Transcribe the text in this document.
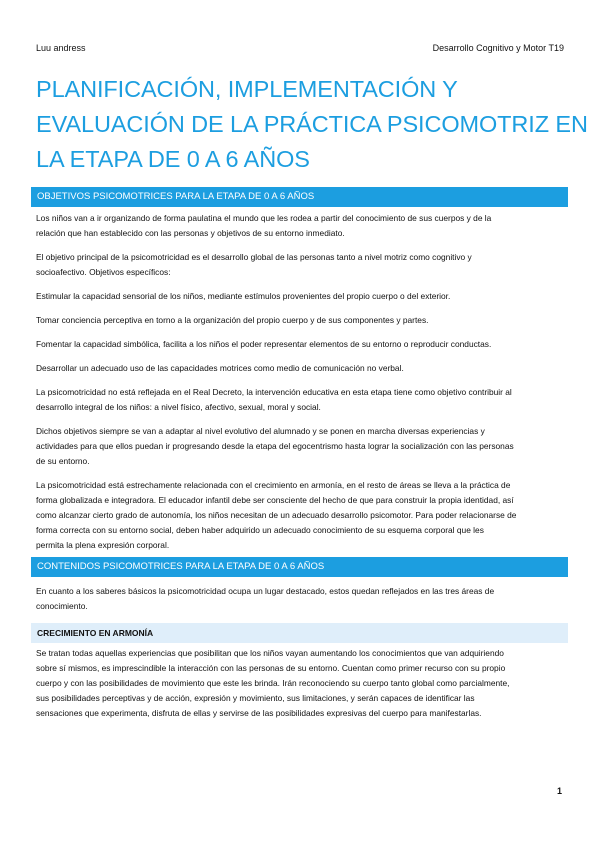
Luu andress	Desarrollo Cognitivo y Motor T19
PLANIFICACIÓN, IMPLEMENTACIÓN Y
EVALUACIÓN DE LA PRÁCTICA PSICOMOTRIZ EN
LA ETAPA DE 0 A 6 AÑOS
OBJETIVOS PSICOMOTRICES PARA LA ETAPA DE 0 A 6 AÑOS
Los niños van a ir organizando de forma paulatina el mundo que les rodea a partir del conocimiento de sus cuerpos y de la
relación que han establecido con las personas y objetivos de su entorno inmediato.
El objetivo principal de la psicomotricidad es el desarrollo global de las personas tanto a nivel motriz como cognitivo y
socioafectivo. Objetivos específicos:
Estimular la capacidad sensorial de los niños, mediante estímulos provenientes del propio cuerpo o del exterior.
Tomar conciencia perceptiva en torno a la organización del propio cuerpo y de sus componentes y partes.
Fomentar la capacidad simbólica, facilita a los niños el poder representar elementos de su entorno o reproducir conductas.
Desarrollar un adecuado uso de las capacidades motrices como medio de comunicación no verbal.
La psicomotricidad no está reflejada en el Real Decreto, la intervención educativa en esta etapa tiene como objetivo contribuir al
desarrollo integral de los niños: a nivel físico, afectivo, sexual, moral y social.
Dichos objetivos siempre se van a adaptar al nivel evolutivo del alumnado y se ponen en marcha diversas experiencias y
actividades para que ellos puedan ir progresando desde la etapa del egocentrismo hasta lograr la socialización con las personas
de su entorno.
La psicomotricidad está estrechamente relacionada con el crecimiento en armonía, en el resto de áreas se lleva a la práctica de
forma globalizada e integradora. El educador infantil debe ser consciente del hecho de que para construir la propia identidad, así
como alcanzar cierto grado de autonomía, los niños necesitan de un adecuado desarrollo psicomotor. Para poder relacionarse de
forma correcta con su entorno social, deben haber adquirido un adecuado conocimiento de su esquema corporal que les
permita la plena expresión corporal.
CONTENIDOS PSICOMOTRICES PARA LA ETAPA DE 0 A 6 AÑOS
En cuanto a los saberes básicos la psicomotricidad ocupa un lugar destacado, estos quedan reflejados en las tres áreas de
conocimiento.
CRECIMIENTO EN ARMONÍA
Se tratan todas aquellas experiencias que posibilitan que los niños vayan aumentando los conocimientos que van adquiriendo
sobre sí mismos, es imprescindible la interacción con las personas de su entorno. Cuentan como primer recurso con su propio
cuerpo y con las posibilidades de movimiento que este les brinda. Irán reconociendo su cuerpo tanto global como parcialmente,
sus posibilidades perceptivas y de acción, expresión y movimiento, sus limitaciones, y serán capaces de identificar las
sensaciones que experimenta, disfruta de ellas y servirse de las posibilidades expresivas del cuerpo para manifestarlas.
1
